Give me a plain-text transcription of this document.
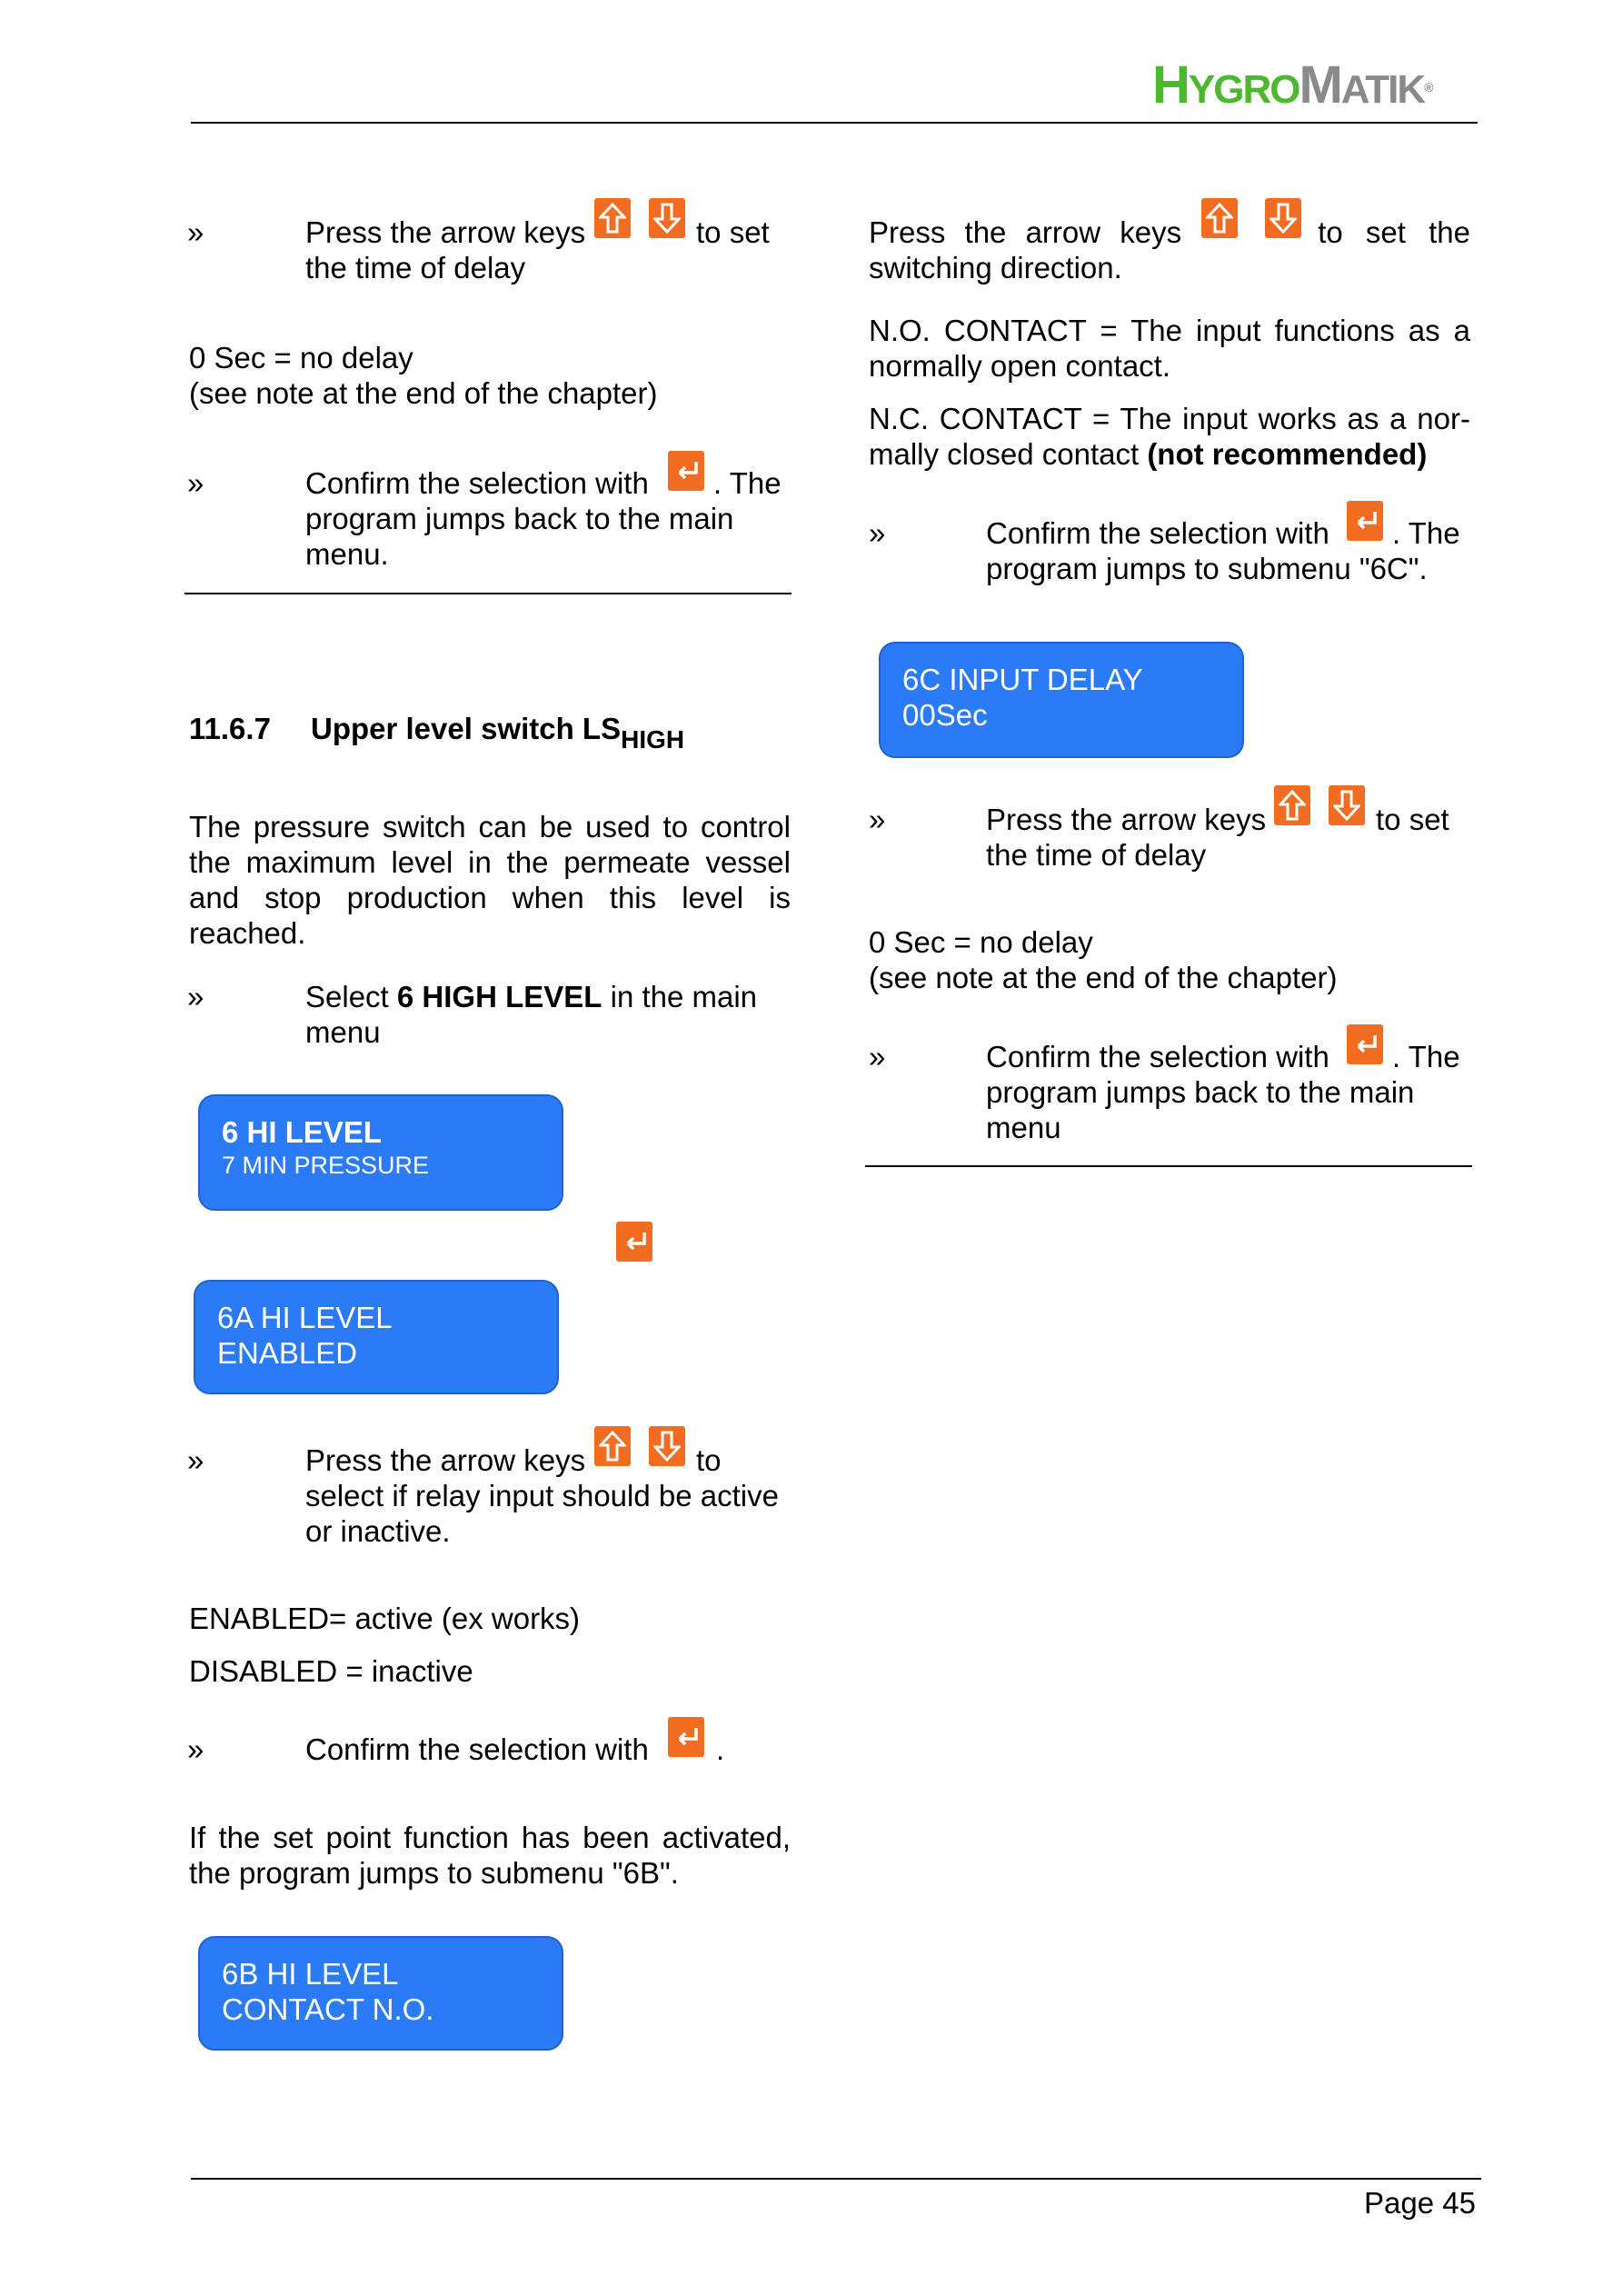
HYGROMATIK®
»	Press the arrow keys	to set
the time of delay
0 Sec = no delay
(see note at the end of the chapter)
»	Confirm the selection with . The
program jumps back to the main
menu.
11.6.7 Upper level switch $LS_{HIGH}$
The pressure switch can be used to control
the maximum level in the permeate vessel
and stop production when this level is
reached.
»	Select 6 HIGH LEVEL in the main
menu
6 HI LEVEL
7 MIN PRESSURE
6A HI LEVEL
ENABLED
»	Press the arrow keys	to
select if relay input should be active
or inactive.
ENABLED= active (ex works)
DISABLED = inactive
»	Confirm the selection with .
If the set point function has been activated,
the program jumps to submenu "6B".
6B HI LEVEL
CONTACT N.O.
Press the arrow keys	to set the
switching direction.
N.O. CONTACT = The input functions as a
normally open contact.
N.C. CONTACT = The input works as a nor-
mally closed contact (not recommended)
»	Confirm the selection with . The
program jumps to submenu "6C".
6C INPUT DELAY
00Sec
»	Press the arrow keys	to set
the time of delay
0 Sec = no delay
(see note at the end of the chapter)
»	Confirm the selection with . The
program jumps back to the main
menu
Page 45
